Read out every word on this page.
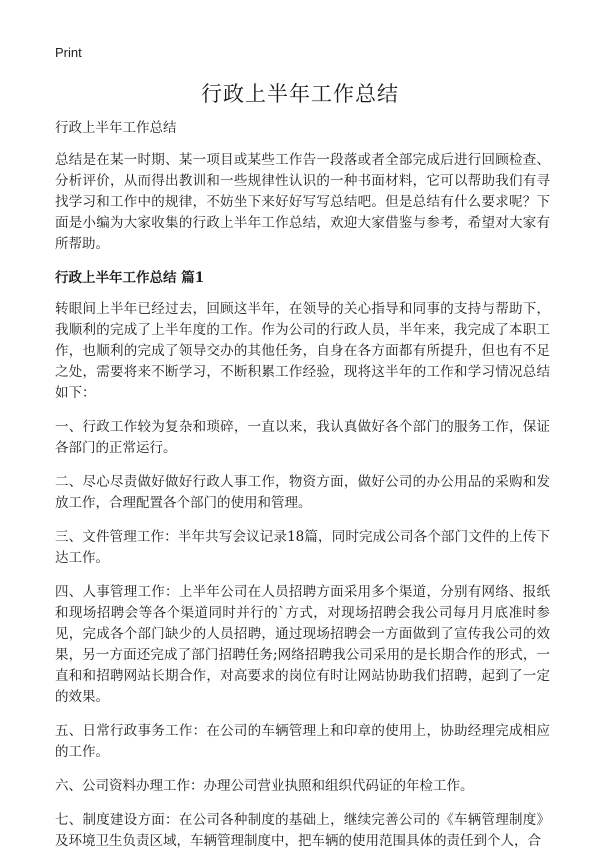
Print
行政上半年工作总结

行政上半年工作总结

总结是在某一时期、某一项目或某些工作告一段落或者全部完成后进行回顾检查、分析评价，从而得出教训和一些规律性认识的一种书面材料，它可以帮助我们有寻找学习和工作中的规律，不妨坐下来好好写写总结吧。但是总结有什么要求呢？下面是小编为大家收集的行政上半年工作总结，欢迎大家借鉴与参考，希望对大家有所帮助。

行政上半年工作总结 篇1

转眼间上半年已经过去，回顾这半年，在领导的关心指导和同事的支持与帮助下，我顺利的完成了上半年度的工作。作为公司的行政人员，半年来，我完成了本职工作，也顺利的完成了领导交办的其他任务，自身在各方面都有所提升，但也有不足之处，需要将来不断学习，不断积累工作经验，现将这半年的工作和学习情况总结如下：

一、行政工作较为复杂和琐碎，一直以来，我认真做好各个部门的服务工作，保证各部门的正常运行。

二、尽心尽责做好做好行政人事工作，物资方面，做好公司的办公用品的采购和发放工作，合理配置各个部门的使用和管理。

三、文件管理工作：半年共写会议记录18篇，同时完成公司各个部门文件的上传下达工作。

四、人事管理工作：上半年公司在人员招聘方面采用多个渠道，分别有网络、报纸和现场招聘会等各个渠道同时并行的`方式，对现场招聘会我公司每月月底准时参见，完成各个部门缺少的人员招聘，通过现场招聘会一方面做到了宣传我公司的效果，另一方面还完成了部门招聘任务;网络招聘我公司采用的是长期合作的形式，一直和和招聘网站长期合作，对高要求的岗位有时让网站协助我们招聘，起到了一定的效果。

五、日常行政事务工作：在公司的车辆管理上和印章的使用上，协助经理完成相应的工作。

六、公司资料办理工作：办理公司营业执照和组织代码证的年检工作。

七、制度建设方面：在公司各种制度的基础上，继续完善公司的《车辆管理制度》及环境卫生负责区域，车辆管理制度中，把车辆的使用范围具体的责任到个人，合
